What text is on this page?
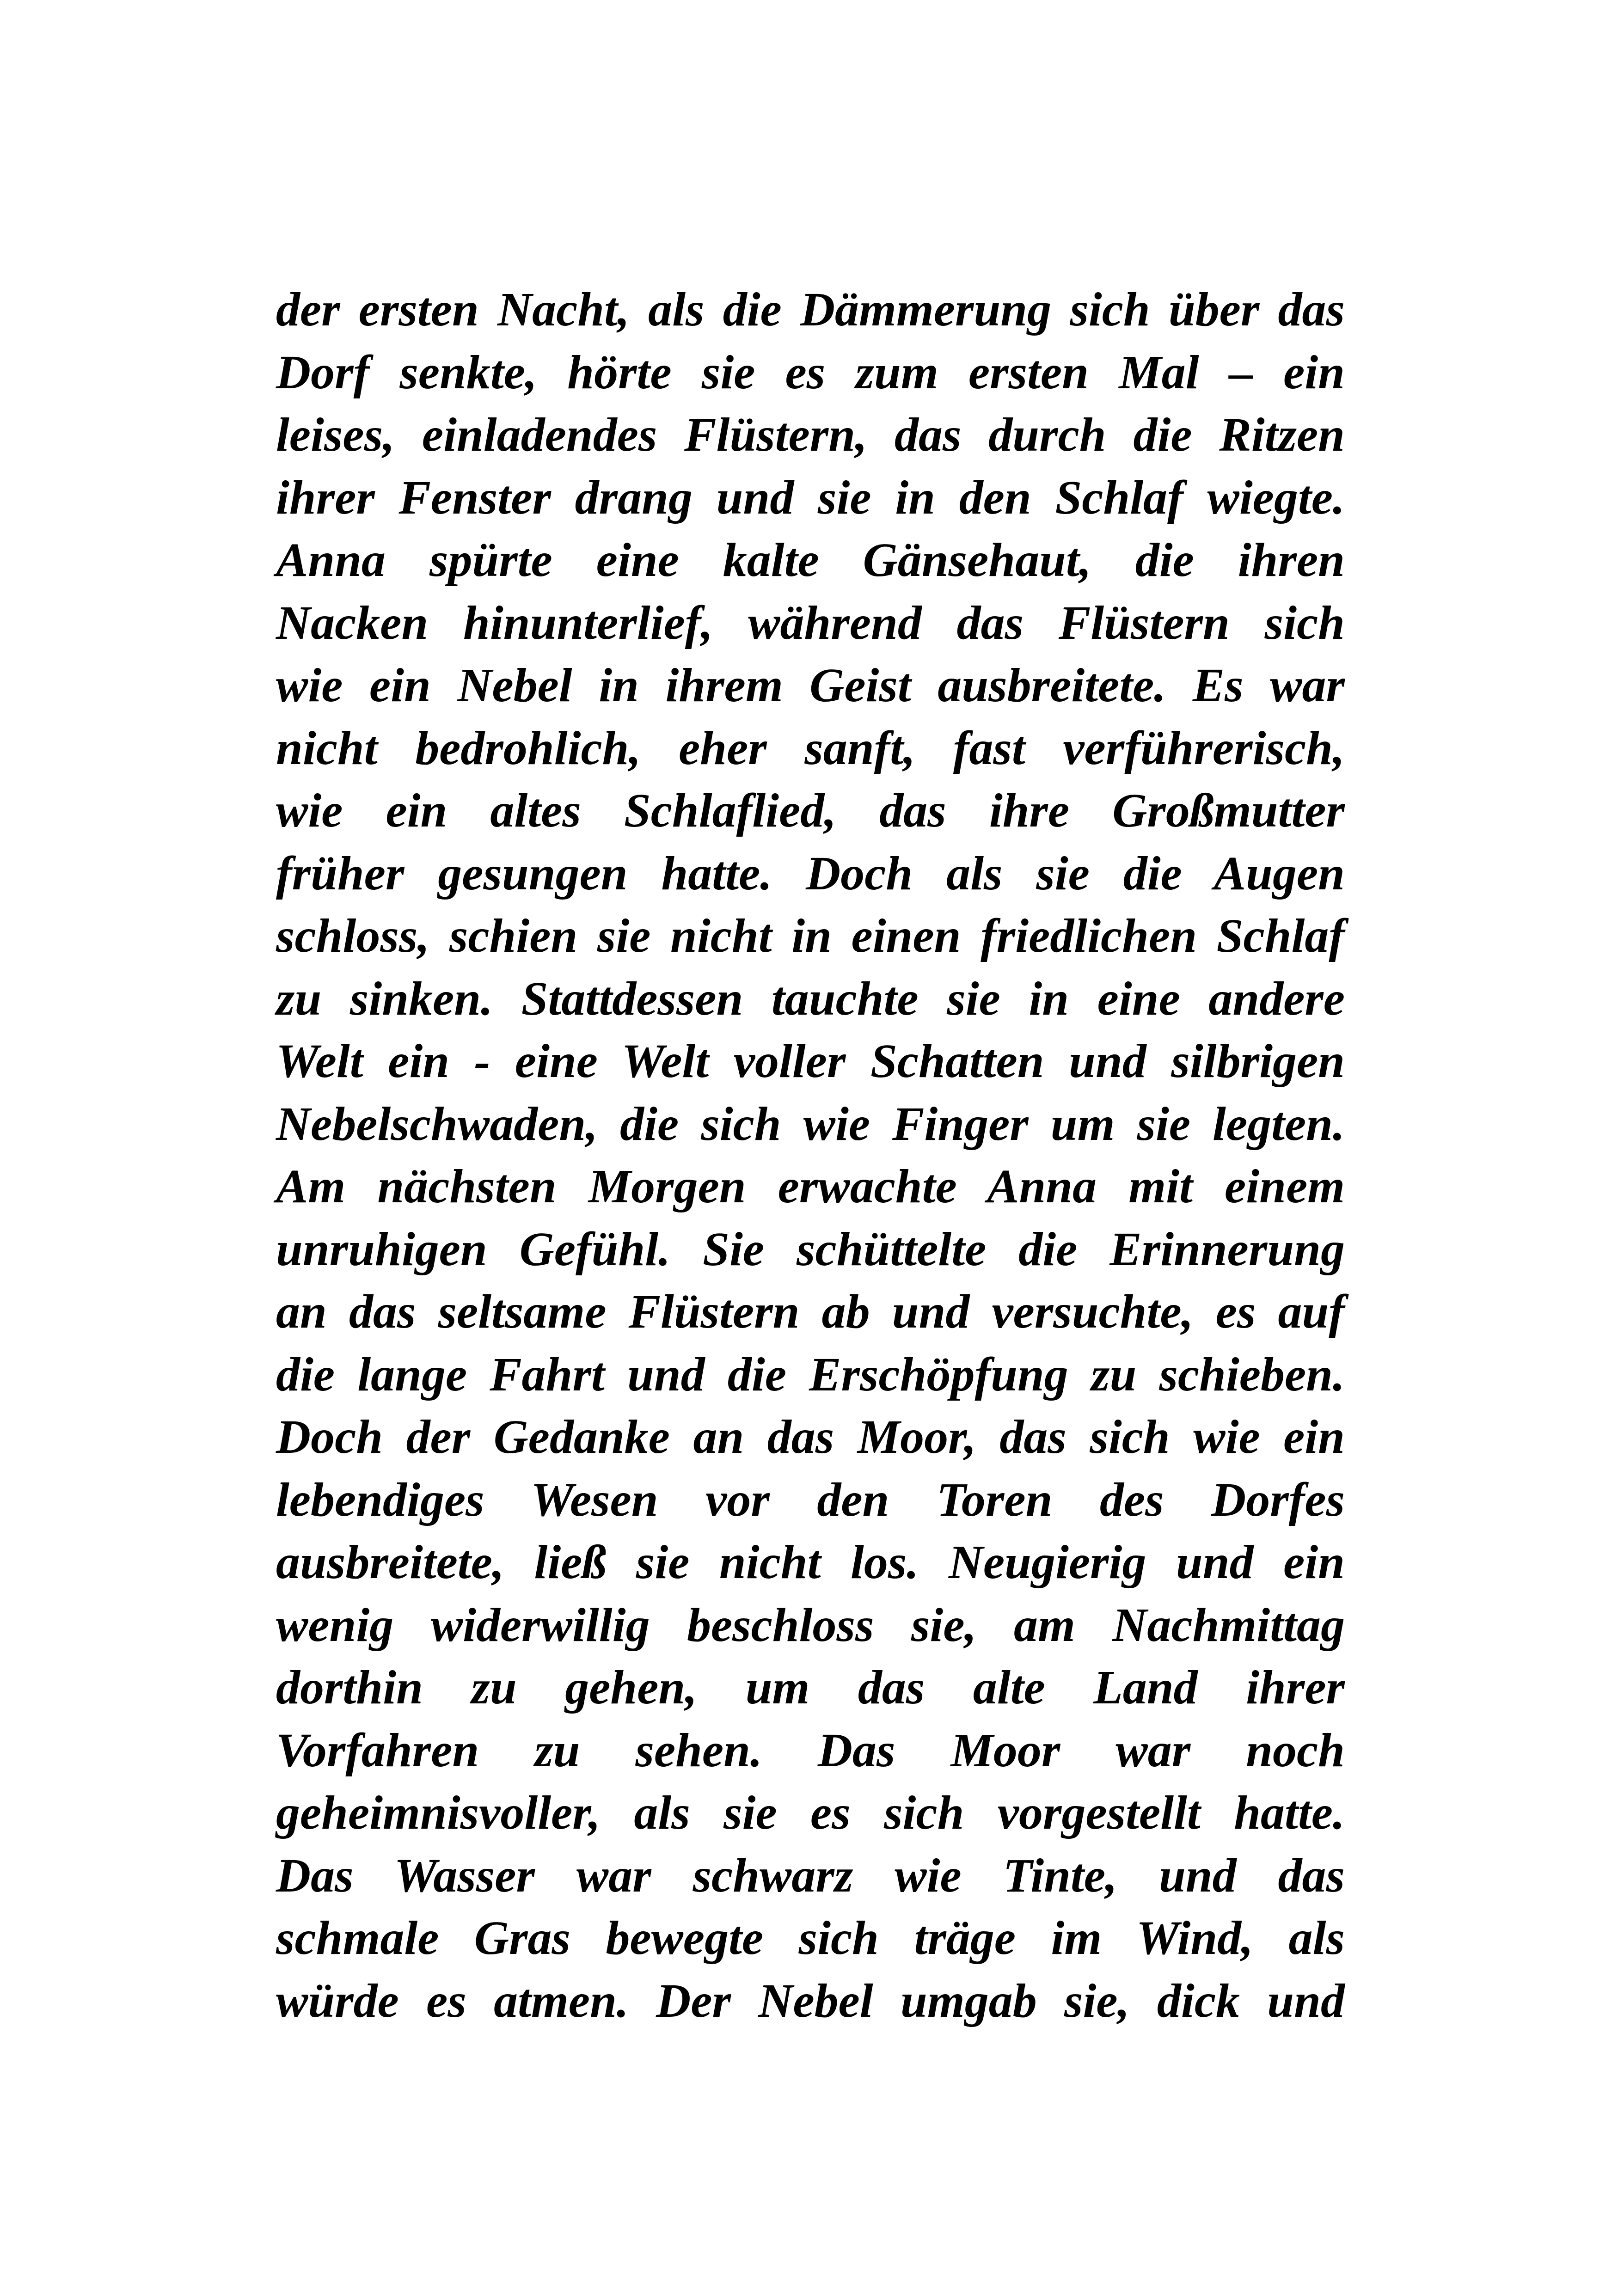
der ersten Nacht, als die Dämmerung sich über das
Dorf senkte, hörte sie es zum ersten Mal – ein
leises, einladendes Flüstern, das durch die Ritzen
ihrer Fenster drang und sie in den Schlaf wiegte.
Anna spürte eine kalte Gänsehaut, die ihren
Nacken hinunterlief, während das Flüstern sich
wie ein Nebel in ihrem Geist ausbreitete. Es war
nicht bedrohlich, eher sanft, fast verführerisch,
wie ein altes Schlaflied, das ihre Großmutter
früher gesungen hatte. Doch als sie die Augen
schloss, schien sie nicht in einen friedlichen Schlaf
zu sinken. Stattdessen tauchte sie in eine andere
Welt ein - eine Welt voller Schatten und silbrigen
Nebelschwaden, die sich wie Finger um sie legten.
Am nächsten Morgen erwachte Anna mit einem
unruhigen Gefühl. Sie schüttelte die Erinnerung
an das seltsame Flüstern ab und versuchte, es auf
die lange Fahrt und die Erschöpfung zu schieben.
Doch der Gedanke an das Moor, das sich wie ein
lebendiges Wesen vor den Toren des Dorfes
ausbreitete, ließ sie nicht los. Neugierig und ein
wenig widerwillig beschloss sie, am Nachmittag
dorthin zu gehen, um das alte Land ihrer
Vorfahren zu sehen. Das Moor war noch
geheimnisvoller, als sie es sich vorgestellt hatte.
Das Wasser war schwarz wie Tinte, und das
schmale Gras bewegte sich träge im Wind, als
würde es atmen. Der Nebel umgab sie, dick und
